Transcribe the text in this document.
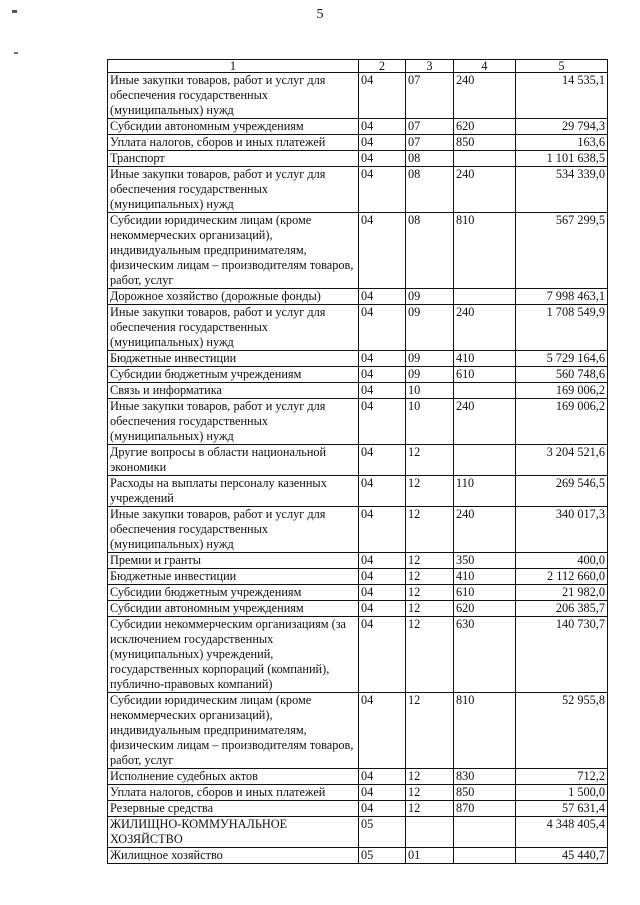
5
1	2	3	4	5
Иные закупки товаров, работ и услуг для обеспечения государственных (муниципальных) нужд	04	07	240	14 535,1
Субсидии автономным учреждениям	04	07	620	29 794,3
Уплата налогов, сборов и иных платежей	04	07	850	163,6
Транспорт	04	08		1 101 638,5
Иные закупки товаров, работ и услуг для обеспечения государственных (муниципальных) нужд	04	08	240	534 339,0
Субсидии юридическим лицам (кроме некоммерческих организаций), индивидуальным предпринимателям, физическим лицам – производителям товаров, работ, услуг	04	08	810	567 299,5
Дорожное хозяйство (дорожные фонды)	04	09		7 998 463,1
Иные закупки товаров, работ и услуг для обеспечения государственных (муниципальных) нужд	04	09	240	1 708 549,9
Бюджетные инвестиции	04	09	410	5 729 164,6
Субсидии бюджетным учреждениям	04	09	610	560 748,6
Связь и информатика	04	10		169 006,2
Иные закупки товаров, работ и услуг для обеспечения государственных (муниципальных) нужд	04	10	240	169 006,2
Другие вопросы в области национальной экономики	04	12		3 204 521,6
Расходы на выплаты персоналу казенных учреждений	04	12	110	269 546,5
Иные закупки товаров, работ и услуг для обеспечения государственных (муниципальных) нужд	04	12	240	340 017,3
Премии и гранты	04	12	350	400,0
Бюджетные инвестиции	04	12	410	2 112 660,0
Субсидии бюджетным учреждениям	04	12	610	21 982,0
Субсидии автономным учреждениям	04	12	620	206 385,7
Субсидии некоммерческим организациям (за исключением государственных (муниципальных) учреждений, государственных корпораций (компаний), публично-правовых компаний)	04	12	630	140 730,7
Субсидии юридическим лицам (кроме некоммерческих организаций), индивидуальным предпринимателям, физическим лицам – производителям товаров, работ, услуг	04	12	810	52 955,8
Исполнение судебных актов	04	12	830	712,2
Уплата налогов, сборов и иных платежей	04	12	850	1 500,0
Резервные средства	04	12	870	57 631,4
ЖИЛИЩНО-КОММУНАЛЬНОЕ ХОЗЯЙСТВО	05			4 348 405,4
Жилищное хозяйство	05	01		45 440,7
